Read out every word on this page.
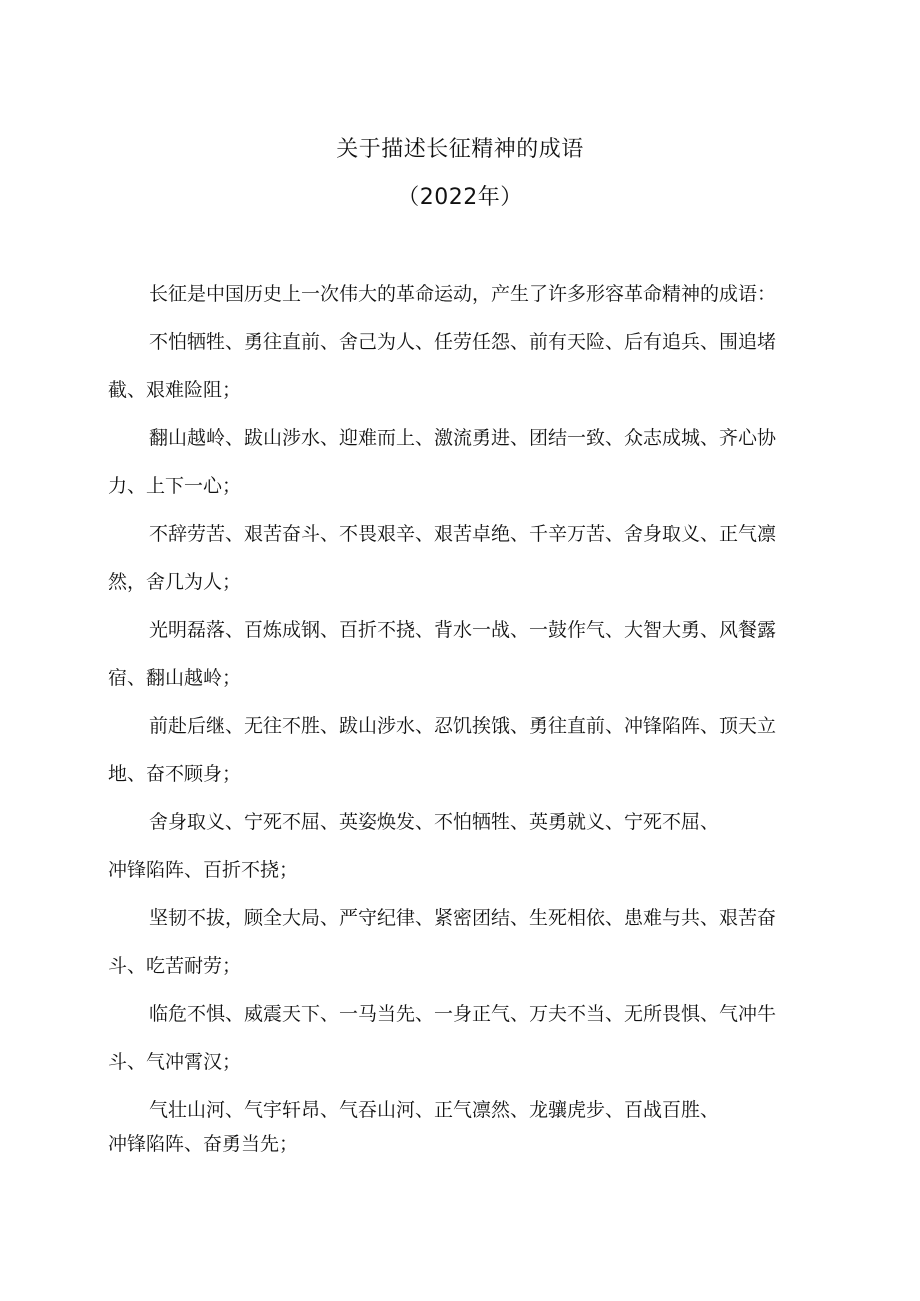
关于描述长征精神的成语
（2022年）
长征是中国历史上一次伟大的革命运动，产生了许多形容革命精神的成语：
不怕牺牲、勇往直前、舍己为人、任劳任怨、前有天险、后有追兵、围追堵
截、艰难险阻；
翻山越岭、跋山涉水、迎难而上、激流勇进、团结一致、众志成城、齐心协
力、上下一心；
不辞劳苦、艰苦奋斗、不畏艰辛、艰苦卓绝、千辛万苦、舍身取义、正气凛
然，舍几为人；
光明磊落、百炼成钢、百折不挠、背水一战、一鼓作气、大智大勇、风餐露
宿、翻山越岭；
前赴后继、无往不胜、跋山涉水、忍饥挨饿、勇往直前、冲锋陷阵、顶天立
地、奋不顾身；
舍身取义、宁死不屈、英姿焕发、不怕牺牲、英勇就义、宁死不屈、
冲锋陷阵、百折不挠；
坚韧不拔，顾全大局、严守纪律、紧密团结、生死相依、患难与共、艰苦奋
斗、吃苦耐劳；
临危不惧、威震天下、一马当先、一身正气、万夫不当、无所畏惧、气冲牛
斗、气冲霄汉；
气壮山河、气宇轩昂、气吞山河、正气凛然、龙骧虎步、百战百胜、
冲锋陷阵、奋勇当先；
